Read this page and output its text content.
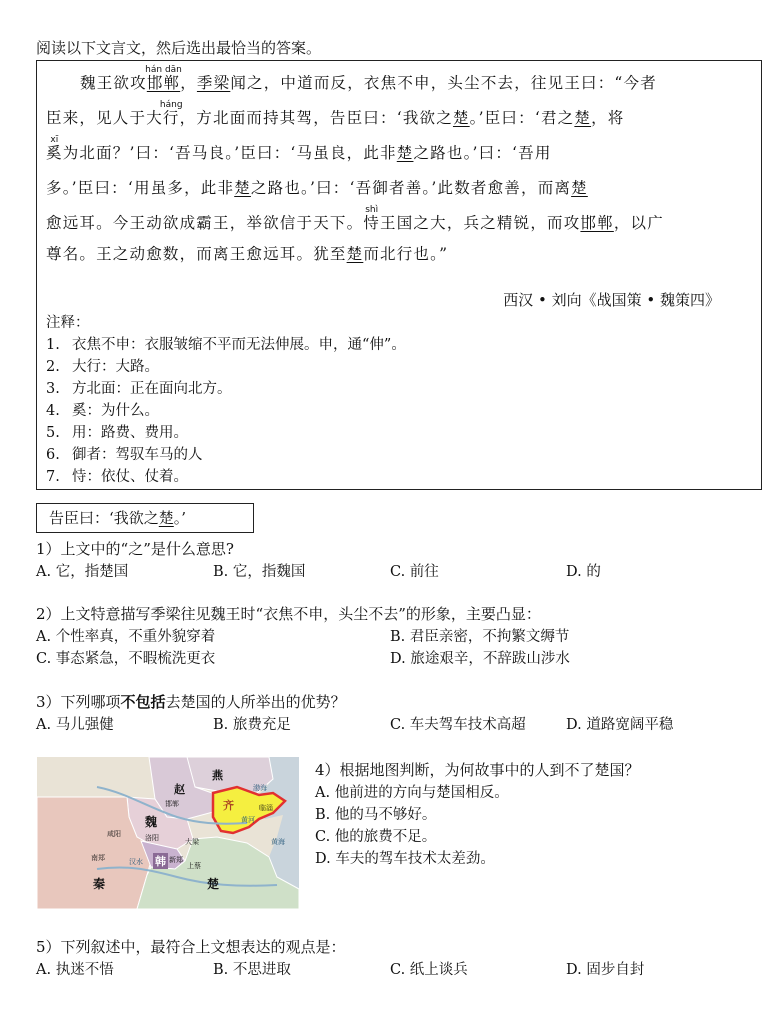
阅读以下文言文，然后选出最恰当的答案。
魏王欲攻
hán dān
邯郸，季梁闻之，中道而反，衣焦不申，头尘不去，往见王曰：“今者
臣来，见人于大
háng
行，方北面而持其驾，告臣曰：‘我欲之楚。’臣曰：‘君之楚，将
xī
奚为北面？’曰：‘吾马良。’臣曰：‘马虽良，此非楚之路也。’曰：‘吾用
多。’臣曰：‘用虽多，此非楚之路也。’曰：‘吾御者善。’此数者愈善，而离楚
愈远耳。今王动欲成霸王，举欲信于天下。
shì
恃王国之大，兵之精锐，而攻邯郸，以广
尊名。王之动愈数，而离王愈远耳。犹至楚而北行也。”
西汉 • 刘向《战国策 • 魏策四》
注释：
1. 衣焦不申：衣服皱缩不平而无法伸展。申，通“伸”。
2. 大行：大路。
3. 方北面：正在面向北方。
4. 奚：为什么。
5. 用：路费、费用。
6. 御者：驾驭车马的人
7. 恃：依仗、仗着。
告臣曰：‘我欲之楚。’
1）上文中的“之”是什么意思?
A. 它，指楚国	B. 它，指魏国	C. 前往	D. 的
2）上文特意描写季梁往见魏王时“衣焦不申，头尘不去”的形象，主要凸显：
A. 个性率真，不重外貌穿着	B. 君臣亲密，不拘繁文缛节
C. 事态紧急，不暇梳洗更衣	D. 旅途艰辛，不辞跋山涉水
3）下列哪项不包括去楚国的人所举出的优势？
A. 马儿强健	B. 旅费充足	C. 车夫驾车技术高超	D. 道路宽阔平稳
赵
燕
齐
魏
韩
秦	楚
邯郸
大梁
黄河
渤海
黄海
洛阳
汉水
南郑
咸阳
新郑
临淄
上蔡
4）根据地图判断，为何故事中的人到不了楚国？
A. 他前进的方向与楚国相反。
B. 他的马不够好。
C. 他的旅费不足。
D. 车夫的驾车技术太差劲。
5）下列叙述中，最符合上文想表达的观点是：
A. 执迷不悟	B. 不思进取	C. 纸上谈兵	D. 固步自封
